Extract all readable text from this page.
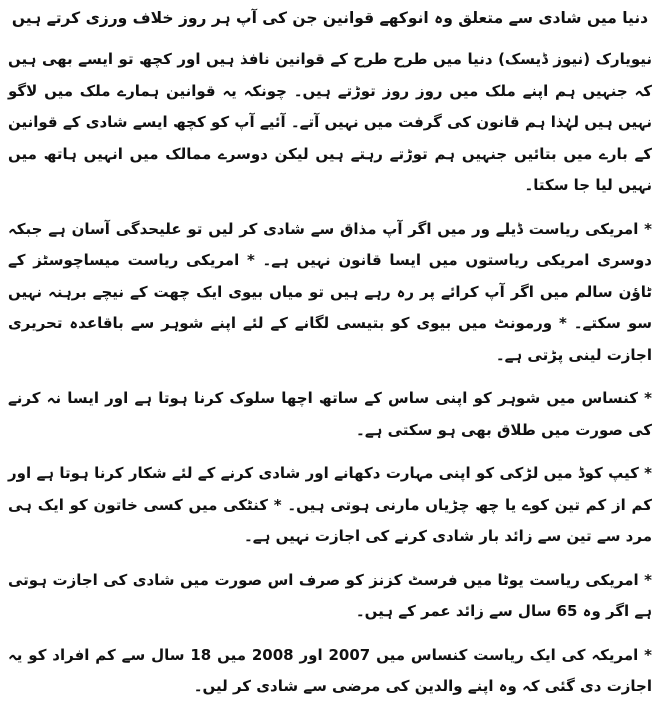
دنیا میں شادی سے متعلق وہ انوکھے قوانین جن کی آپ ہر روز خلاف ورزی کرتے ہیں

نیویارک (نیوز ڈیسک) دنیا میں طرح طرح کے قوانین نافذ ہیں اور کچھ تو ایسے بھی ہیں کہ جنہیں ہم اپنے ملک میں روز روز توڑتے ہیں۔ چونکہ یہ قوانین ہمارے ملک میں لاگو نہیں ہیں لہٰذا ہم قانون کی گرفت میں نہیں آتے۔ آئیے آپ کو کچھ ایسے شادی کے قوانین کے بارے میں بتائیں جنہیں ہم توڑتے رہتے ہیں لیکن دوسرے ممالک میں انہیں ہاتھ میں نہیں لیا جا سکتا۔

* امریکی ریاست ڈیلے ور میں اگر آپ مذاق سے شادی کر لیں تو علیحدگی آسان ہے جبکہ دوسری امریکی ریاستوں میں ایسا قانون نہیں ہے۔ * امریکی ریاست میساچوسٹز کے ٹاؤن سالم میں اگر آپ کرائے پر رہ رہے ہیں تو میاں بیوی ایک چھت کے نیچے برہنہ نہیں سو سکتے۔ * ورمونٹ میں بیوی کو بتیسی لگانے کے لئے اپنے شوہر سے باقاعدہ تحریری اجازت لینی پڑتی ہے۔

* کنساس میں شوہر کو اپنی ساس کے ساتھ اچھا سلوک کرنا ہوتا ہے اور ایسا نہ کرنے کی صورت میں طلاق بھی ہو سکتی ہے۔

* کیپ کوڈ میں لڑکی کو اپنی مہارت دکھانے اور شادی کرنے کے لئے شکار کرنا ہوتا ہے اور کم از کم تین کوے یا چھ چڑیاں مارنی ہوتی ہیں۔ * کنٹکی میں کسی خاتون کو ایک ہی مرد سے تین سے زائد بار شادی کرنے کی اجازت نہیں ہے۔

* امریکی ریاست یوٹا میں فرسٹ کزنز کو صرف اس صورت میں شادی کی اجازت ہوتی ہے اگر وہ 65 سال سے زائد عمر کے ہیں۔

* امریکہ کی ایک ریاست کنساس میں 2007 اور 2008 میں 18 سال سے کم افراد کو یہ اجازت دی گئی کہ وہ اپنے والدین کی مرضی سے شادی کر لیں۔
